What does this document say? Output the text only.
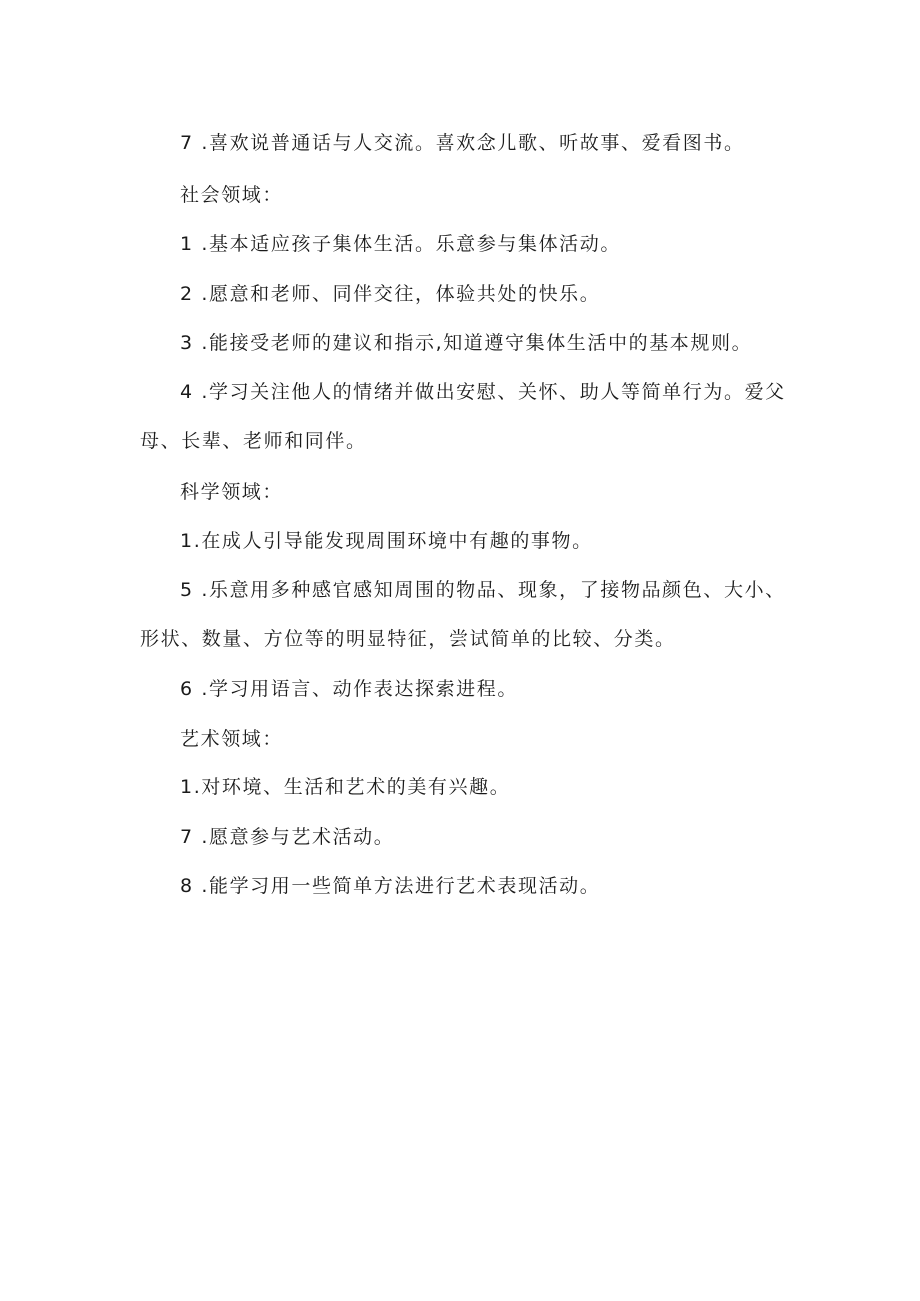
7 .喜欢说普通话与人交流。喜欢念儿歌、听故事、爱看图书。
社会领域：
1 .基本适应孩子集体生活。乐意参与集体活动。
2 .愿意和老师、同伴交往，体验共处的快乐。
3 .能接受老师的建议和指示,知道遵守集体生活中的基本规则。
4 .学习关注他人的情绪并做出安慰、关怀、助人等简单行为。爱父
母、长辈、老师和同伴。
科学领域：
1.在成人引导能发现周围环境中有趣的事物。
5 .乐意用多种感官感知周围的物品、现象，了接物品颜色、大小、
形状、数量、方位等的明显特征，尝试简单的比较、分类。
6 .学习用语言、动作表达探索进程。
艺术领域：
1.对环境、生活和艺术的美有兴趣。
7 .愿意参与艺术活动。
8 .能学习用一些简单方法进行艺术表现活动。
